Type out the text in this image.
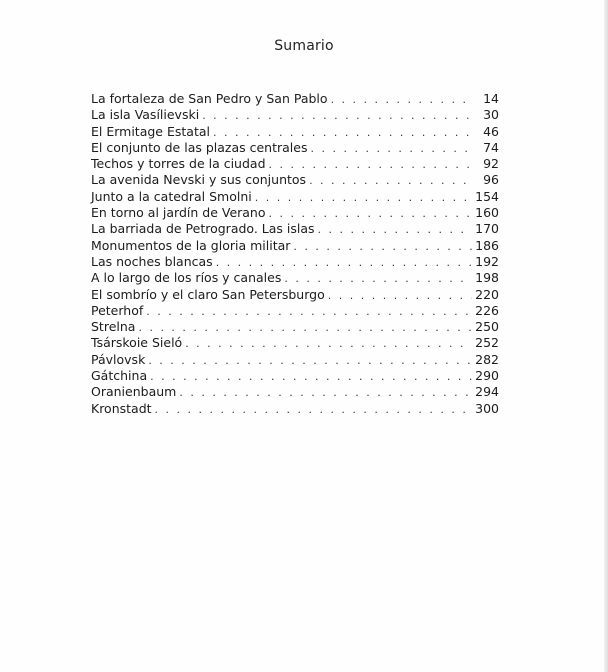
Sumario
La fortaleza de San Pedro y San Pablo . . .	14
La isla Vasílievski . . .	30
El Ermitage Estatal . . .	46
El conjunto de las plazas centrales . . .	74
Techos y torres de la ciudad . . .	92
La avenida Nevski y sus conjuntos . . .	96
Junto a la catedral Smolni . . .	154
En torno al jardín de Verano . . .	160
La barriada de Petrogrado. Las islas . . .	170
Monumentos de la gloria militar . . .	186
Las noches blancas . . .	192
A lo largo de los ríos y canales . . .	198
El sombrío y el claro San Petersburgo . . .	220
Peterhof . . .	226
Strelna . . .	250
Tsárskoie Sieló . . .	252
Pávlovsk . . .	282
Gátchina . . .	290
Oranienbaum . . .	294
Kronstadt . . .	300
